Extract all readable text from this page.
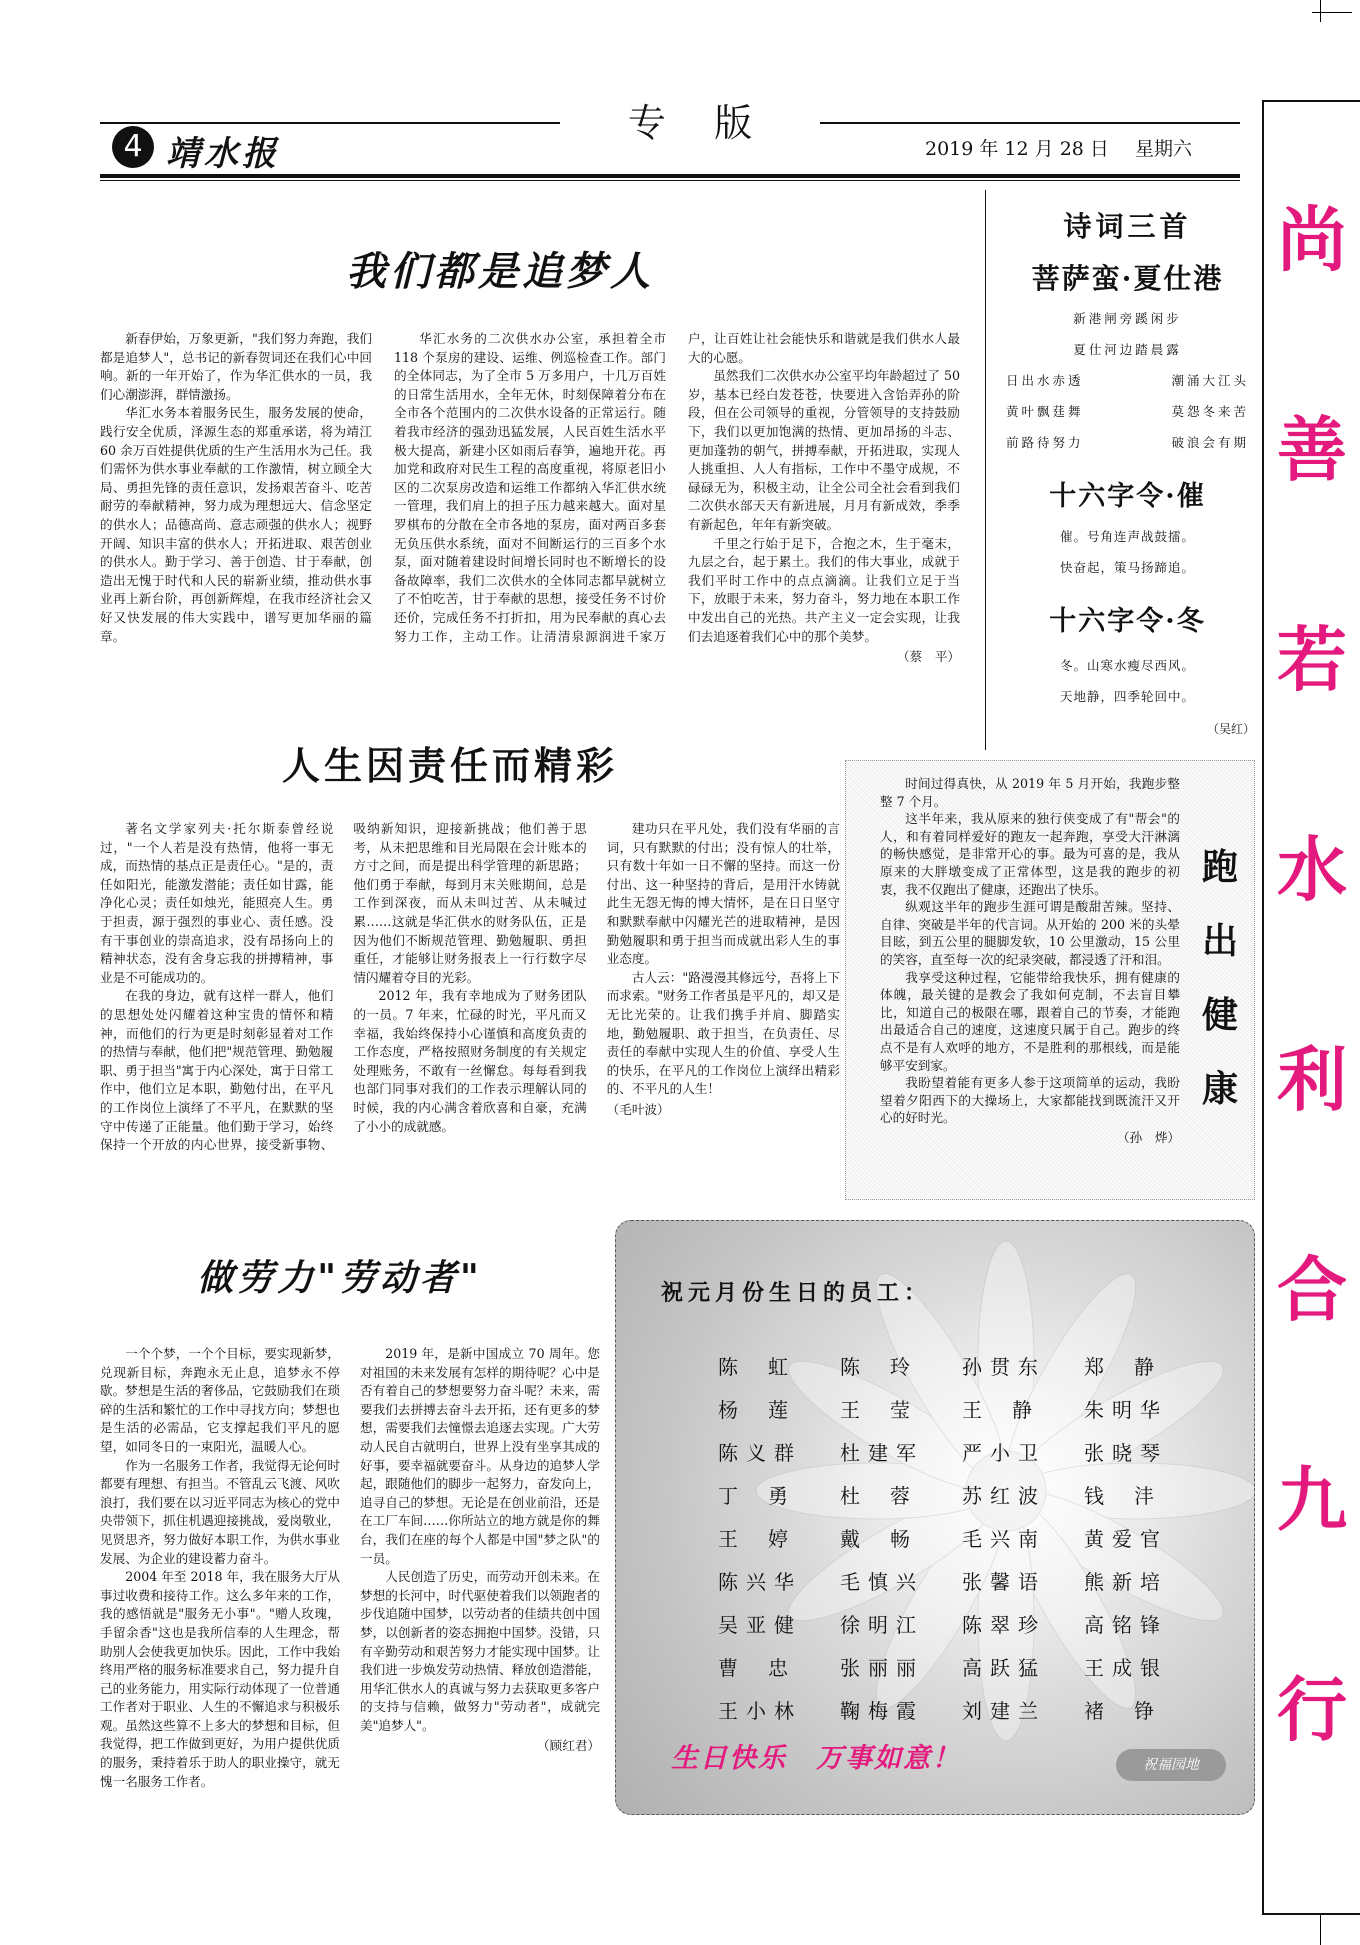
4 靖水报
专    版
2019 年 12 月 28 日 星期六
尚
善
若
水
利
合
九
行
我们都是追梦人

新春伊始，万象更新，"我们努力奔跑，我们都是追梦人"，总书记的新春贺词还在我们心中回响。新的一年开始了，作为华汇供水的一员，我们心潮澎湃，群情激扬。

华汇水务本着服务民生，服务发展的使命，践行安全优质，泽源生态的郑重承诺，将为靖江 60 余万百姓提供优质的生产生活用水为己任。我们需怀为供水事业奉献的工作激情，树立顾全大局、勇担先锋的责任意识，发扬艰苦奋斗、吃苦耐劳的奉献精神，努力成为理想远大、信念坚定的供水人；品德高尚、意志顽强的供水人；视野开阔、知识丰富的供水人；开拓进取、艰苦创业的供水人。勤于学习、善于创造、甘于奉献，创造出无愧于时代和人民的崭新业绩，推动供水事业再上新台阶，再创新辉煌，在我市经济社会又好又快发展的伟大实践中，谱写更加华丽的篇章。

华汇水务的二次供水办公室，承担着全市 118 个泵房的建设、运维、例巡检查工作。部门的全体同志，为了全市 5 万多用户，十几万百姓的日常生活用水，全年无休，时刻保障着分布在全市各个范围内的二次供水设备的正常运行。随着我市经济的强劲迅猛发展，人民百姓生活水平极大提高，新建小区如雨后春笋，遍地开花。再加党和政府对民生工程的高度重视，将原老旧小区的二次泵房改造和运维工作都纳入华汇供水统一管理，我们肩上的担子压力越来越大。面对星罗棋布的分散在全市各地的泵房，面对两百多套无负压供水系统，面对不间断运行的三百多个水泵，面对随着建设时间增长同时也不断增长的设备故障率，我们二次供水的全体同志都早就树立了不怕吃苦，甘于奉献的思想，接受任务不讨价还价，完成任务不打折扣，用为民奉献的真心去努力工作，主动工作。让清清泉源润进千家万户，让百姓让社会能快乐和谐就是我们供水人最大的心愿。

虽然我们二次供水办公室平均年龄超过了 50 岁，基本已经白发苍苍，快要进入含饴弄孙的阶段，但在公司领导的重视，分管领导的支持鼓励下，我们以更加饱满的热情、更加昂扬的斗志、更加蓬勃的朝气，拼搏奉献，开拓进取，实现人人挑重担、人人有指标，工作中不墨守成规，不碌碌无为，积极主动，让全公司全社会看到我们二次供水部天天有新进展，月月有新成效，季季有新起色，年年有新突破。

千里之行始于足下，合抱之木，生于毫末，九层之台，起于累土。我们的伟大事业，成就于我们平时工作中的点点滴滴。让我们立足于当下，放眼于未来，努力奋斗，努力地在本职工作中发出自己的光热。共产主义一定会实现，让我们去追逐着我们心中的那个美梦。

（蔡　平）

诗词三首
菩萨蛮·夏仕港
新港闸旁蹊闲步
夏仕河边踏晨露
日出水赤透	潮涌大江头
黄叶飘莛舞	莫怨冬来苦
前路待努力	破浪会有期
十六字令·催
催。号角连声战鼓擂。
快奋起，策马扬蹄追。
十六字令·冬
冬。山寒水瘦尽西风。
天地静，四季轮回中。
（吴红）
人生因责任而精彩

著名文学家列夫·托尔斯泰曾经说过，"一个人若是没有热情，他将一事无成，而热情的基点正是责任心。"是的，责任如阳光，能激发潜能；责任如甘露，能净化心灵；责任如烛光，能照亮人生。勇于担责，源于强烈的事业心、责任感。没有干事创业的崇高追求，没有昂扬向上的精神状态，没有舍身忘我的拼搏精神，事业是不可能成功的。

在我的身边，就有这样一群人，他们的思想处处闪耀着这种宝贵的情怀和精神，而他们的行为更是时刻彰显着对工作的热情与奉献，他们把"规范管理、勤勉履职、勇于担当"寓于内心深处，寓于日常工作中，他们立足本职，勤勉付出，在平凡的工作岗位上演绎了不平凡，在默默的坚守中传递了正能量。他们勤于学习，始终保持一个开放的内心世界，接受新事物、吸纳新知识，迎接新挑战；他们善于思考，从未把思维和目光局限在会计账本的方寸之间，而是提出科学管理的新思路；他们勇于奉献，每到月末关账期间，总是工作到深夜，而从未叫过苦、从未喊过累……这就是华汇供水的财务队伍，正是因为他们不断规范管理、勤勉履职、勇担重任，才能够让财务报表上一行行数字尽情闪耀着夺目的光彩。

2012 年，我有幸地成为了财务团队的一员。7 年来，忙碌的时光，平凡而又幸福，我始终保持小心谨慎和高度负责的工作态度，严格按照财务制度的有关规定处理账务，不敢有一丝懈怠。每每看到我也部门同事对我们的工作表示理解认同的时候，我的内心满含着欣喜和自豪，充满了小小的成就感。

建功只在平凡处，我们没有华丽的言词，只有默默的付出；没有惊人的壮举，只有数十年如一日不懈的坚持。而这一份付出、这一种坚持的背后，是用汗水铸就此生无怨无悔的博大情怀，是在日日坚守和默默奉献中闪耀光芒的进取精神，是因勤勉履职和勇于担当而成就出彩人生的事业态度。

古人云："路漫漫其修远兮，吾将上下而求索。"财务工作者虽是平凡的，却又是无比光荣的。让我们携手并肩、脚踏实地，勤勉履职、敢于担当，在负责任、尽责任的奉献中实现人生的价值、享受人生的快乐，在平凡的工作岗位上演绎出精彩的、不平凡的人生！

（毛叶波）

时间过得真快，从 2019 年 5 月开始，我跑步整整 7 个月。

这半年来，我从原来的独行侠变成了有"帮会"的人，和有着同样爱好的跑友一起奔跑，享受大汗淋漓的畅快感觉，是非常开心的事。最为可喜的是，我从原来的大胖墩变成了正常体型，这是我的跑步的初衷，我不仅跑出了健康，还跑出了快乐。

纵观这半年的跑步生涯可谓是酸甜苦辣。坚持、自律、突破是半年的代言词。从开始的 200 米的头晕目眩，到五公里的腿脚发软，10 公里激动，15 公里的笑容，直至每一次的纪录突破，都浸透了汗和泪。

我享受这种过程，它能带给我快乐，拥有健康的体魄，最关键的是教会了我如何克制，不去盲目攀比，知道自己的极限在哪，跟着自己的节奏，才能跑出最适合自己的速度，这速度只属于自己。跑步的终点不是有人欢呼的地方，不是胜利的那根线，而是能够平安到家。

我盼望着能有更多人参于这项简单的运动，我盼望着夕阳西下的大操场上，大家都能找到既流汗又开心的好时光。

（孙　烨）

跑出健康
做劳力"劳动者"

一个个梦，一个个目标，要实现新梦，兑现新目标，奔跑永无止息，追梦永不停歇。梦想是生活的奢侈品，它鼓励我们在琐碎的生活和繁忙的工作中寻找方向；梦想也是生活的必需品，它支撑起我们平凡的愿望，如同冬日的一束阳光，温暖人心。

作为一名服务工作者，我觉得无论何时都要有理想、有担当。不管乱云飞渡、风吹浪打，我们要在以习近平同志为核心的党中央带领下，抓住机遇迎接挑战，爱岗敬业，见贤思齐，努力做好本职工作，为供水事业发展、为企业的建设蓄力奋斗。

2004 年至 2018 年，我在服务大厅从事过收费和接待工作。这么多年来的工作，我的感悟就是"服务无小事"。"赠人玫瑰，手留余香"这也是我所信奉的人生理念，帮助别人会使我更加快乐。因此，工作中我始终用严格的服务标准要求自己，努力提升自己的业务能力，用实际行动体现了一位普通工作者对于职业、人生的不懈追求与积极乐观。虽然这些算不上多大的梦想和目标，但我觉得，把工作做到更好，为用户提供优质的服务，秉持着乐于助人的职业操守，就无愧一名服务工作者。

2019 年，是新中国成立 70 周年。您对祖国的未来发展有怎样的期待呢？心中是否有着自己的梦想要努力奋斗呢？未来，需要我们去拼搏去奋斗去开拓，还有更多的梦想，需要我们去憧憬去追逐去实现。广大劳动人民自古就明白，世界上没有坐享其成的好事，要幸福就要奋斗。从身边的追梦人学起，跟随他们的脚步一起努力，奋发向上，追寻自己的梦想。无论是在创业前沿，还是在工厂车间……你所站立的地方就是你的舞台，我们在座的每个人都是中国"梦之队"的一员。

人民创造了历史，而劳动开创未来。在梦想的长河中，时代驱使着我们以领跑者的步伐追随中国梦，以劳动者的佳绩共创中国梦，以创新者的姿态拥抱中国梦。没错，只有辛勤劳动和艰苦努力才能实现中国梦。让我们进一步焕发劳动热情、释放创造潜能，用华汇供水人的真诚与努力去获取更多客户的支持与信赖，做努力"劳动者"，成就完美"追梦人"。

（顾红君）

祝元月份生日的员工：
陈虹	陈玲	孙贯东	郑静
杨莲	王莹	王静	朱明华
陈义群	杜建军	严小卫	张晓琴
丁勇	杜蓉	苏红波	钱沣
王婷	戴畅	毛兴南	黄爱官
陈兴华	毛慎兴	张馨语	熊新培
吴亚健	徐明江	陈翠珍	高铭锋
曹忠	张丽丽	高跃猛	王成银
王小林	鞠梅霞	刘建兰	褚铮
生日快乐　万事如意！	祝福园地
